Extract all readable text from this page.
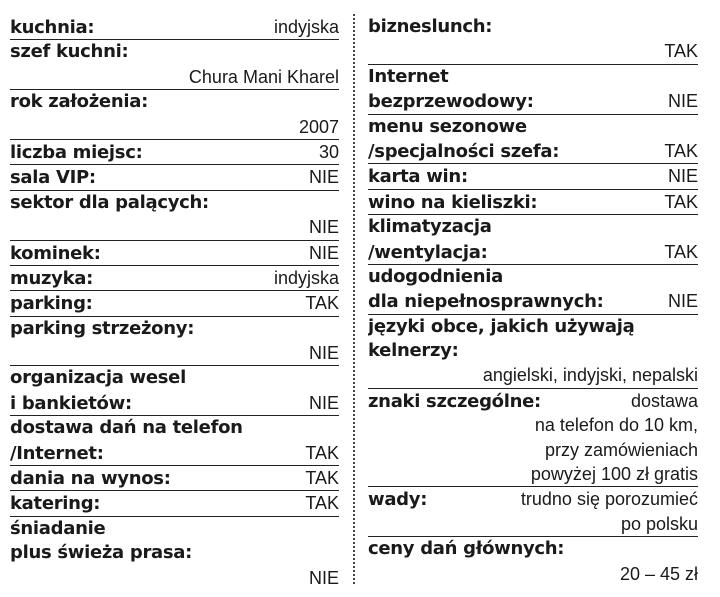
kuchnia:	indyjska
szef kuchni:
Chura Mani Kharel
rok założenia:
2007
liczba miejsc:	30
sala VIP:	NIE
sektor dla palących:
NIE
kominek:	NIE
muzyka:	indyjska
parking:	TAK
parking strzeżony:
NIE
organizacja wesel
i bankietów:	NIE
dostawa dań na telefon
/Internet:	TAK
dania na wynos:	TAK
katering:	TAK
śniadanie
plus świeża prasa:
NIE
bizneslunch:
TAK
Internet
bezprzewodowy:	NIE
menu sezonowe
/specjalności szefa:	TAK
karta win:	NIE
wino na kieliszki:	TAK
klimatyzacja
/wentylacja:	TAK
udogodnienia
dla niepełnosprawnych:	NIE
języki obce, jakich używają
kelnerzy:
angielski, indyjski, nepalski
znaki szczególne:	dostawa
na telefon do 10 km,
przy zamówieniach
powyżej 100 zł gratis
wady:	trudno się porozumieć
po polsku
ceny dań głównych:
20 – 45 zł
